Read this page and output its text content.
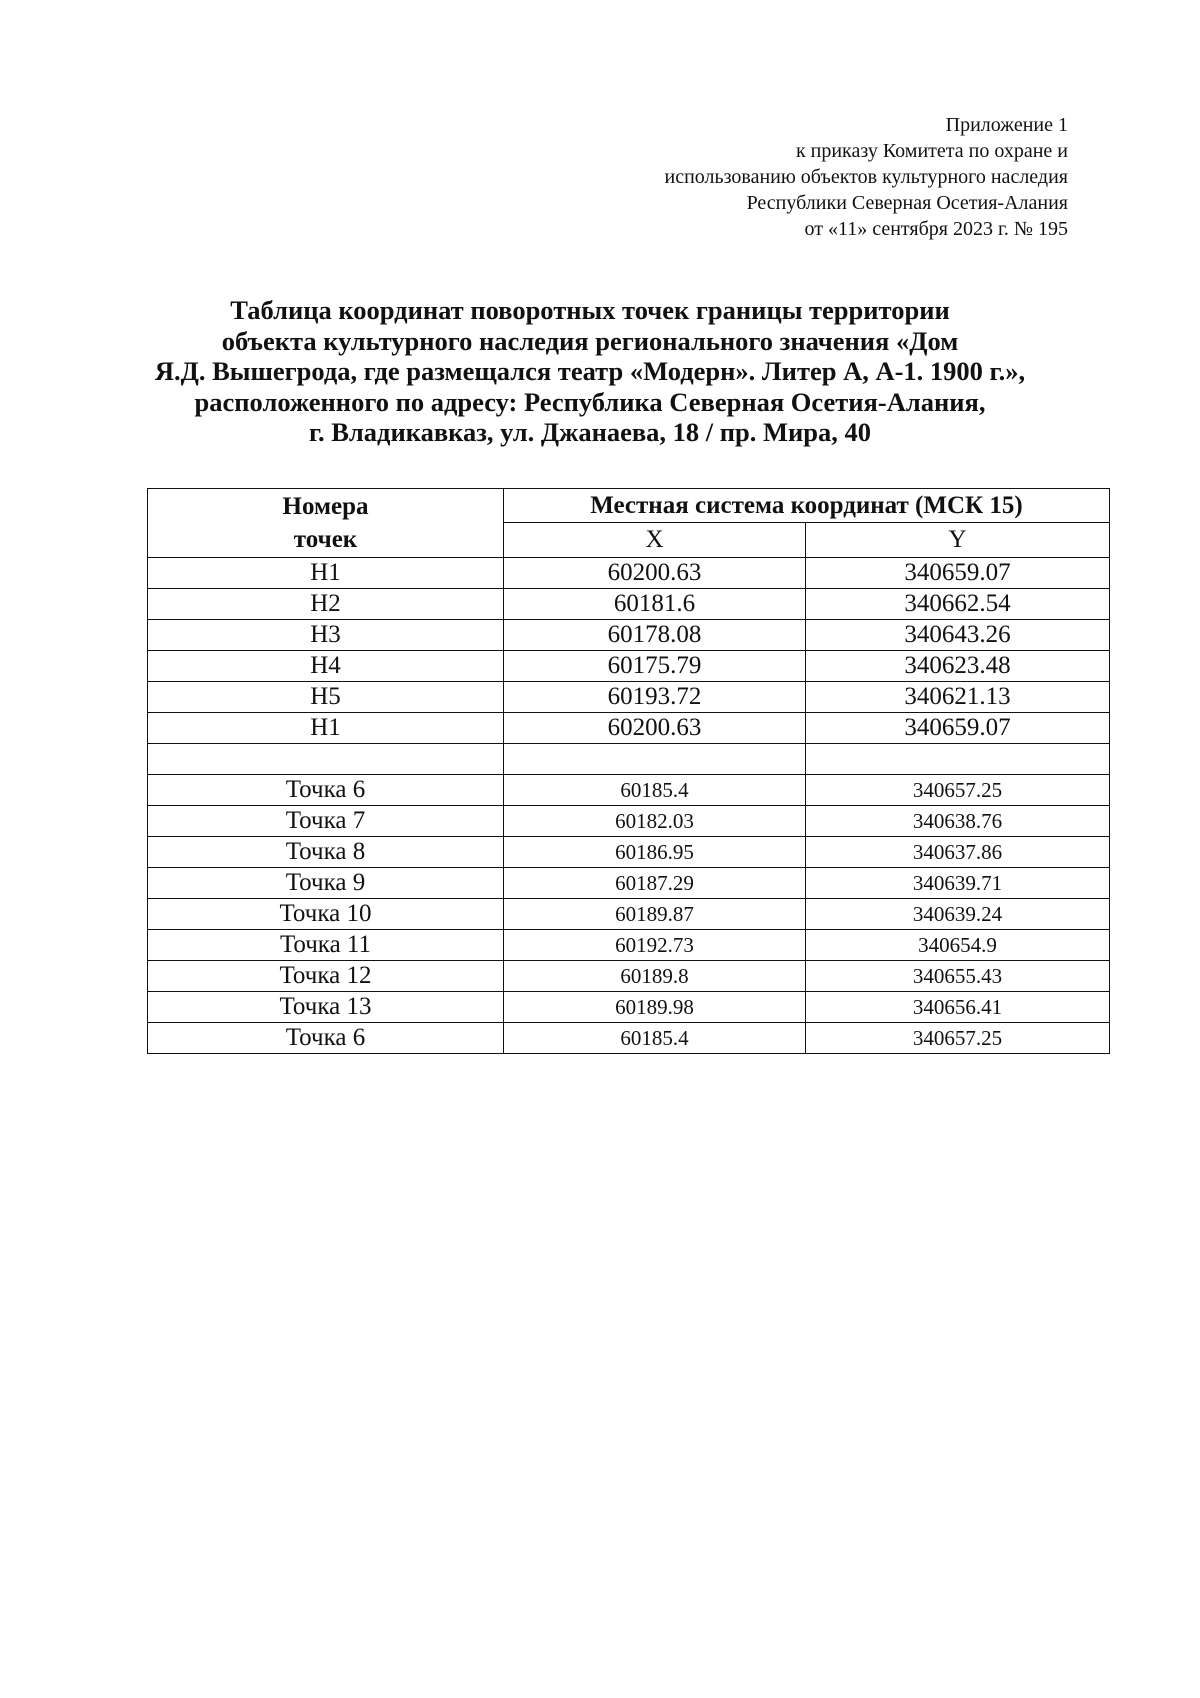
Приложение 1
к приказу Комитета по охране и
использованию объектов культурного наследия
Республики Северная Осетия-Алания
от «11» сентября 2023 г. № 195
Таблица координат поворотных точек границы территории
объекта культурного наследия регионального значения «Дом
Я.Д. Вышегрода, где размещался театр «Модерн». Литер А, А-1. 1900 г.»,
расположенного по адресу: Республика Северная Осетия-Алания,
г. Владикавказ, ул. Джанаева, 18 / пр. Мира, 40
Номера
точек	Местная система координат (МСК 15)	
	X	Y
Н1	60200.63	340659.07
Н2	60181.6	340662.54
Н3	60178.08	340643.26
Н4	60175.79	340623.48
Н5	60193.72	340621.13
Н1	60200.63	340659.07

Точка 6	60185.4	340657.25
Точка 7	60182.03	340638.76
Точка 8	60186.95	340637.86
Точка 9	60187.29	340639.71
Точка 10	60189.87	340639.24
Точка 11	60192.73	340654.9
Точка 12	60189.8	340655.43
Точка 13	60189.98	340656.41
Точка 6	60185.4	340657.25
